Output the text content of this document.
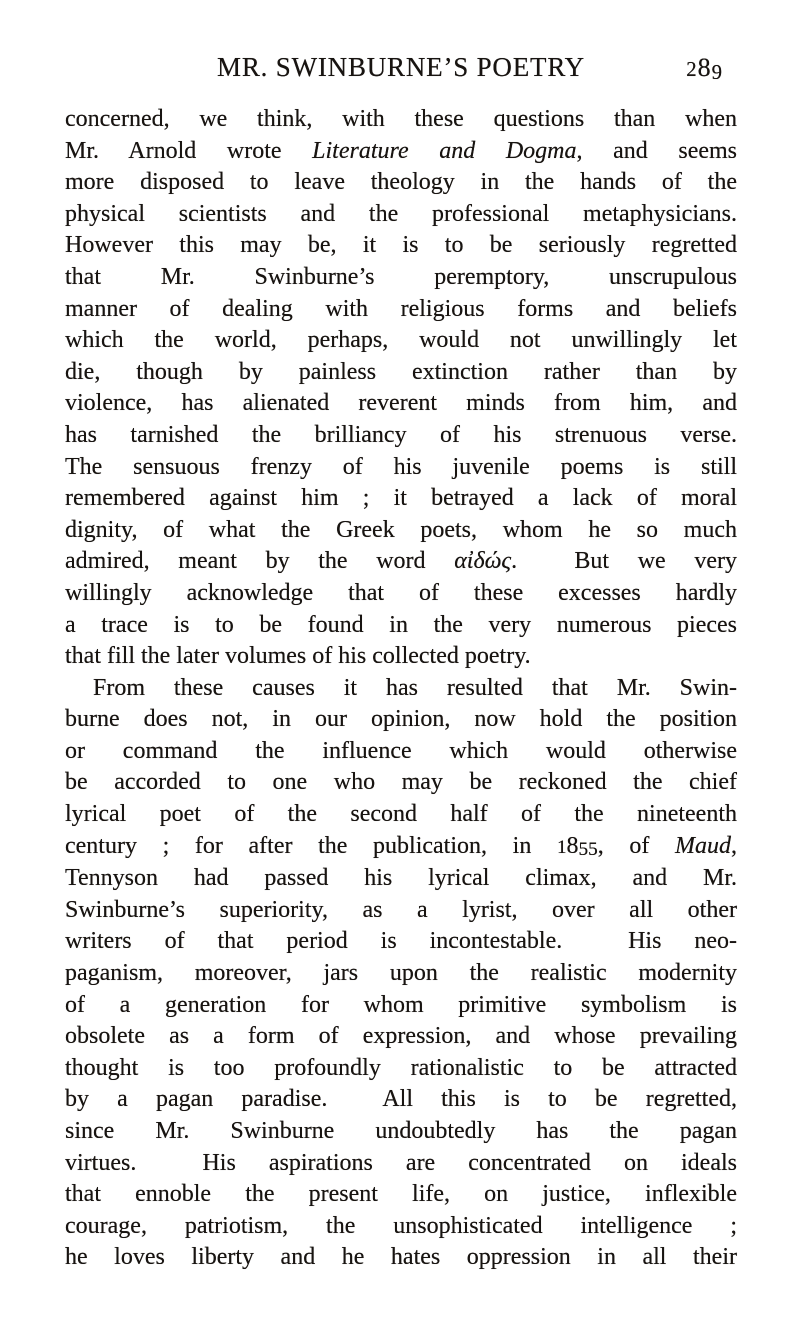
MR. SWINBURNE’S POETRY	289
concerned, we think, with these questions than when
Mr. Arnold wrote Literature and Dogma, and seems
more disposed to leave theology in the hands of the
physical scientists and the professional metaphysicians.
However this may be, it is to be seriously regretted
that Mr. Swinburne’s peremptory, unscrupulous
manner of dealing with religious forms and beliefs
which the world, perhaps, would not unwillingly let
die, though by painless extinction rather than by
violence, has alienated reverent minds from him, and
has tarnished the brilliancy of his strenuous verse.
The sensuous frenzy of his juvenile poems is still
remembered against him ; it betrayed a lack of moral
dignity, of what the Greek poets, whom he so much
admired, meant by the word αἰδώς.  But we very
willingly acknowledge that of these excesses hardly
a trace is to be found in the very numerous pieces
that fill the later volumes of his collected poetry.
From these causes it has resulted that Mr. Swin-
burne does not, in our opinion, now hold the position
or command the influence which would otherwise
be accorded to one who may be reckoned the chief
lyrical poet of the second half of the nineteenth
century ; for after the publication, in 1855, of Maud,
Tennyson had passed his lyrical climax, and Mr.
Swinburne’s superiority, as a lyrist, over all other
writers of that period is incontestable.  His neo-
paganism, moreover, jars upon the realistic modernity
of a generation for whom primitive symbolism is
obsolete as a form of expression, and whose prevailing
thought is too profoundly rationalistic to be attracted
by a pagan paradise.  All this is to be regretted,
since Mr. Swinburne undoubtedly has the pagan
virtues.  His aspirations are concentrated on ideals
that ennoble the present life, on justice, inflexible
courage, patriotism, the unsophisticated intelligence ;
he loves liberty and he hates oppression in all their
